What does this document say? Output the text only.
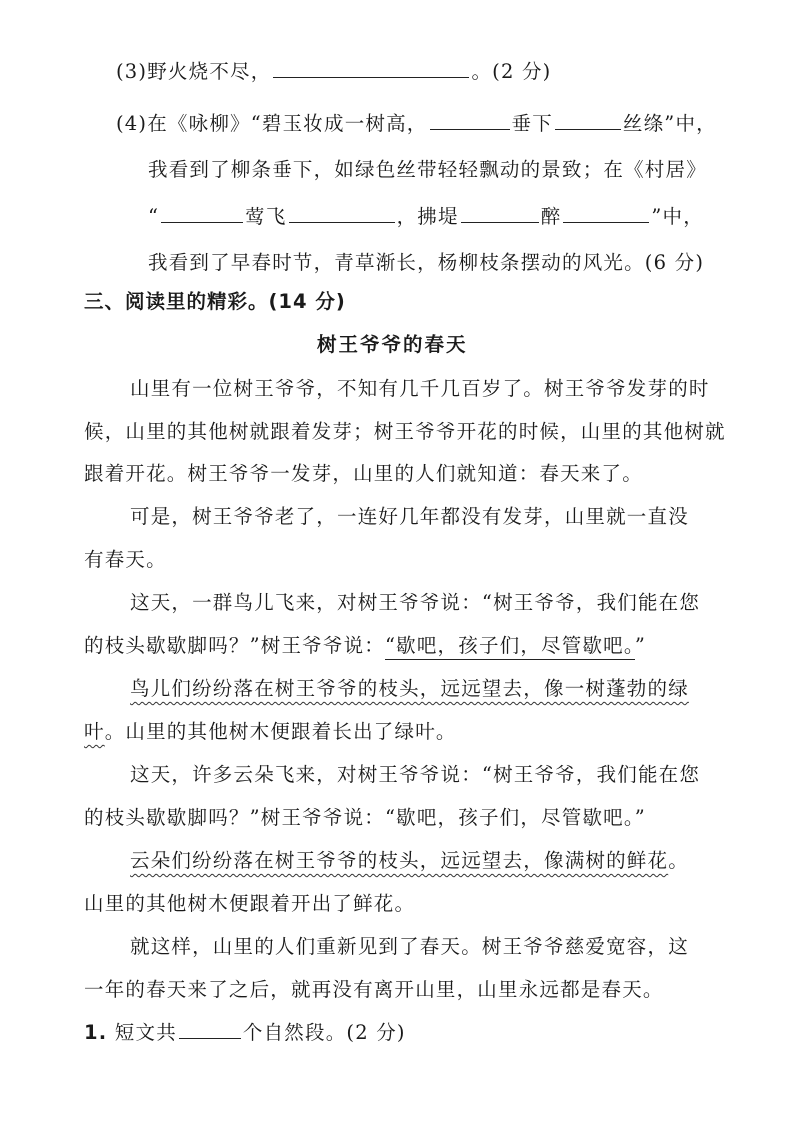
(3)野火烧不尽，	。(2 分)
(4)在《咏柳》“碧玉妆成一树高，	垂下	丝绦”中，
我看到了柳条垂下，如绿色丝带轻轻飘动的景致；在《村居》
“	莺飞	，拂堤	醉	”中，
我看到了早春时节，青草渐长，杨柳枝条摆动的风光。(6 分)
三、阅读里的精彩。(14 分)
树王爷爷的春天
山里有一位树王爷爷，不知有几千几百岁了。树王爷爷发芽的时
候，山里的其他树就跟着发芽；树王爷爷开花的时候，山里的其他树就
跟着开花。树王爷爷一发芽，山里的人们就知道：春天来了。
可是，树王爷爷老了，一连好几年都没有发芽，山里就一直没
有春天。
这天，一群鸟儿飞来，对树王爷爷说：“树王爷爷，我们能在您
的枝头歇歇脚吗？”树王爷爷说：“歇吧，孩子们，尽管歇吧。”
鸟儿们纷纷落在树王爷爷的枝头，远远望去，像一树蓬勃的绿
叶。山里的其他树木便跟着长出了绿叶。
这天，许多云朵飞来，对树王爷爷说：“树王爷爷，我们能在您
的枝头歇歇脚吗？”树王爷爷说：“歇吧，孩子们，尽管歇吧。”
云朵们纷纷落在树王爷爷的枝头，远远望去，像满树的鲜花。
山里的其他树木便跟着开出了鲜花。
就这样，山里的人们重新见到了春天。树王爷爷慈爱宽容，这
一年的春天来了之后，就再没有离开山里，山里永远都是春天。
1. 短文共	个自然段。(2 分)
